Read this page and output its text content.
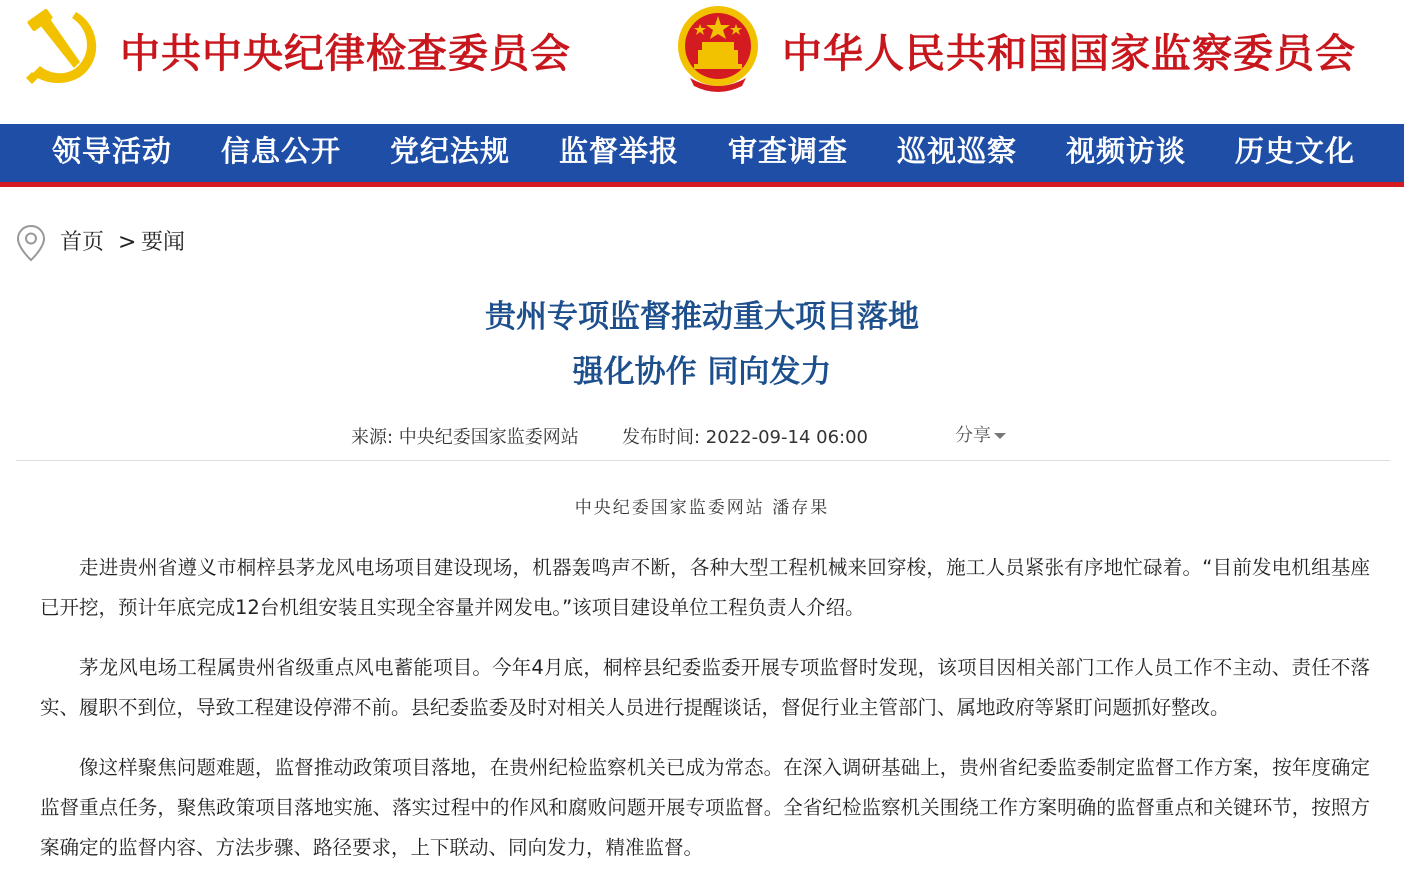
中共中央纪律检查委员会	中华人民共和国国家监察委员会
领导活动 信息公开 党纪法规 监督举报 审查调查 巡视巡察 视频访谈 历史文化
首页 > 要闻
贵州专项监督推动重大项目落地
强化协作 同向发力
来源: 中央纪委国家监委网站 发布时间: 2022-09-14 06:00	分享
中央纪委国家监委网站 潘存果

走进贵州省遵义市桐梓县茅龙风电场项目建设现场，机器轰鸣声不断，各种大型工程机械来回穿梭，施工人员紧张有序地忙碌着。“目前发电机组基座已开挖，预计年底完成12台机组安装且实现全容量并网发电。”该项目建设单位工程负责人介绍。

茅龙风电场工程属贵州省级重点风电蓄能项目。今年4月底，桐梓县纪委监委开展专项监督时发现，该项目因相关部门工作人员工作不主动、责任不落实、履职不到位，导致工程建设停滞不前。县纪委监委及时对相关人员进行提醒谈话，督促行业主管部门、属地政府等紧盯问题抓好整改。

像这样聚焦问题难题，监督推动政策项目落地，在贵州纪检监察机关已成为常态。在深入调研基础上，贵州省纪委监委制定监督工作方案，按年度确定监督重点任务，聚焦政策项目落地实施、落实过程中的作风和腐败问题开展专项监督。全省纪检监察机关围绕工作方案明确的监督重点和关键环节，按照方案确定的监督内容、方法步骤、路径要求，上下联动、同向发力，精准监督。
